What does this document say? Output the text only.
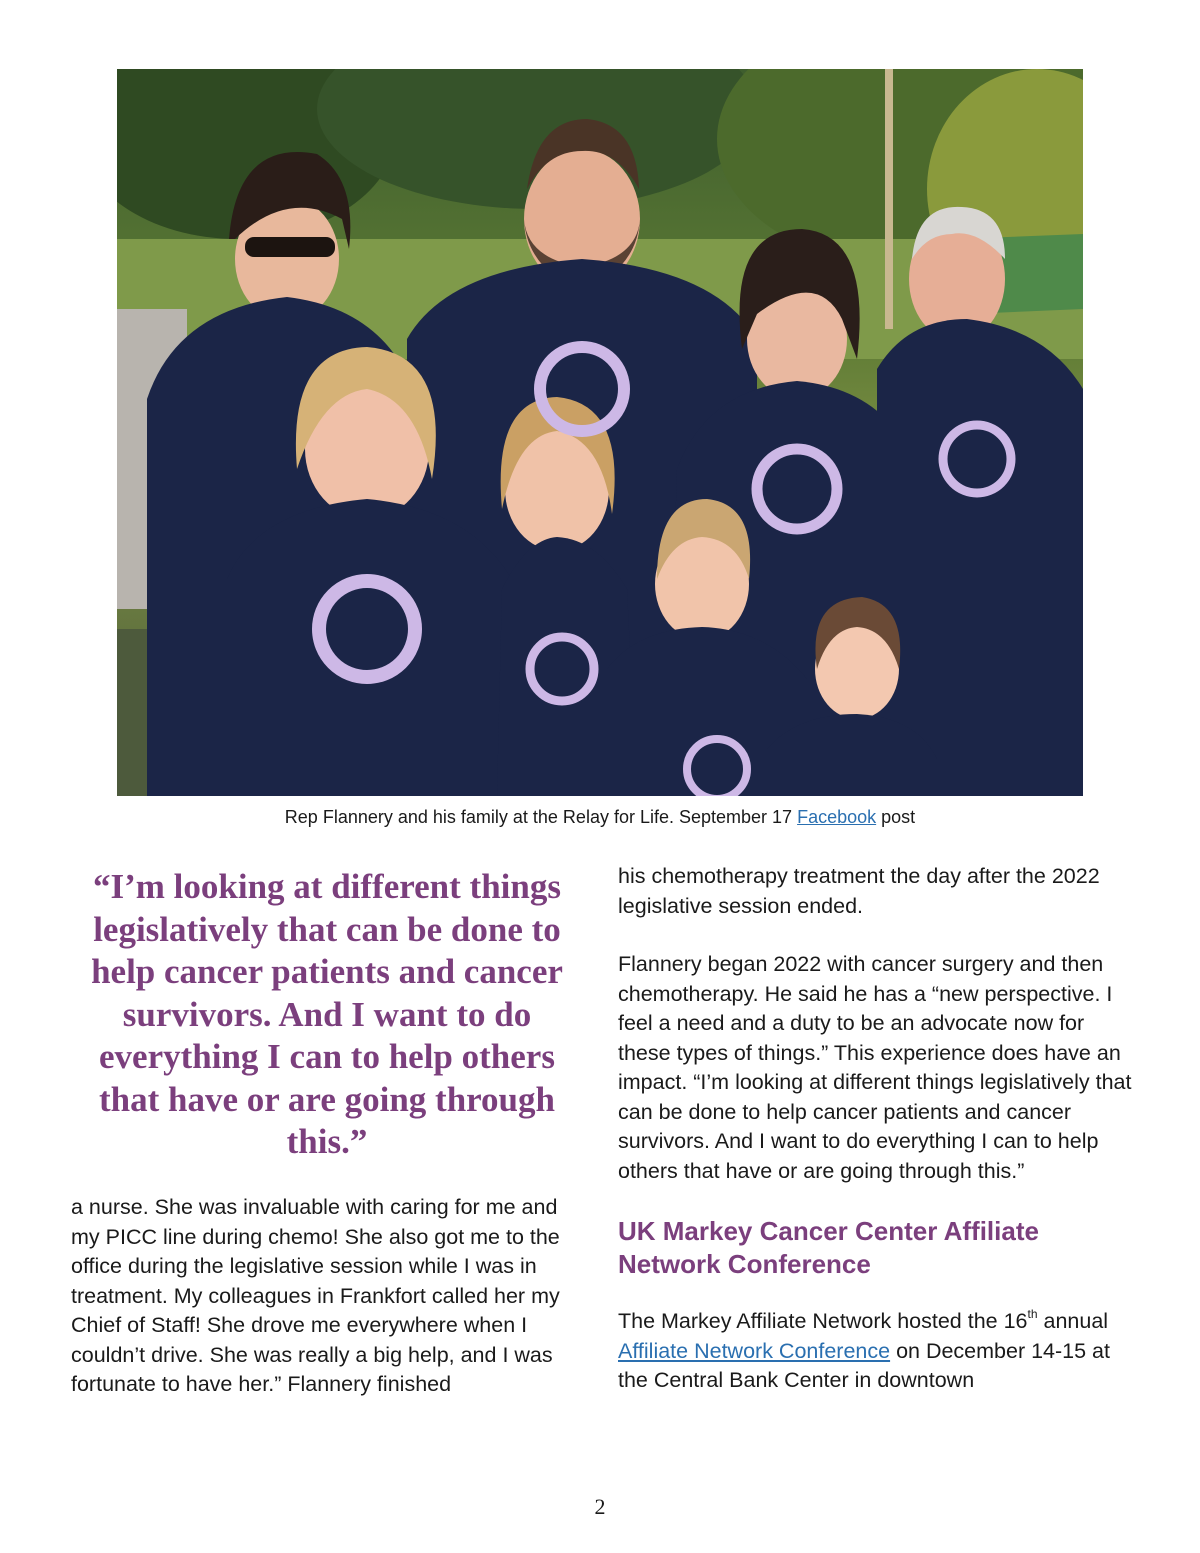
Rep Flannery and his family at the Relay for Life. September 17 Facebook post
“I’m looking at different things legislatively that can be done to help cancer patients and cancer survivors. And I want to do everything I can to help others that have or are going through this.”
a nurse. She was invaluable with caring for me and my PICC line during chemo! She also got me to the office during the legislative session while I was in treatment. My colleagues in Frankfort called her my Chief of Staff! She drove me everywhere when I couldn’t drive. She was really a big help, and I was fortunate to have her.” Flannery finished

his chemotherapy treatment the day after the 2022 legislative session ended.

Flannery began 2022 with cancer surgery and then chemotherapy. He said he has a “new perspective. I feel a need and a duty to be an advocate now for these types of things.” This experience does have an impact. “I’m looking at different things legislatively that can be done to help cancer patients and cancer survivors. And I want to do everything I can to help others that have or are going through this.”

UK Markey Cancer Center Affiliate Network Conference

The Markey Affiliate Network hosted the 16th annual Affiliate Network Conference on December 14-15 at the Central Bank Center in downtown

2
